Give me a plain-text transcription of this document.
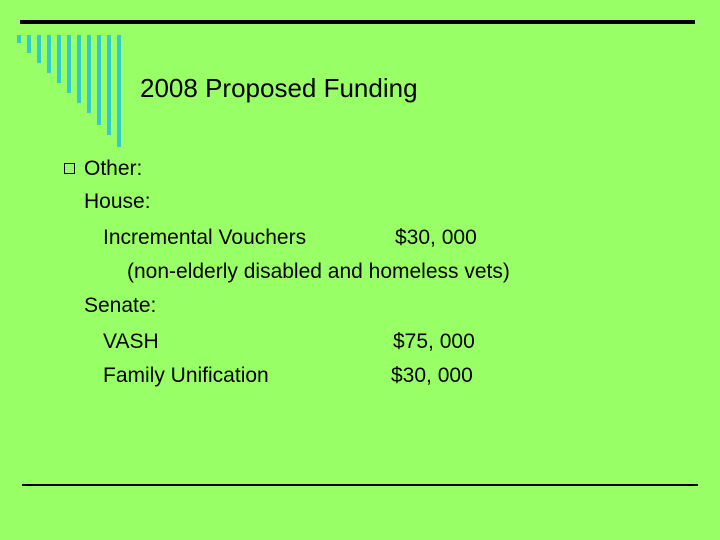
2008 Proposed Funding
Other:
House:
Incremental Vouchers	$30, 000
(non-elderly disabled and homeless vets)
Senate:
VASH	$75, 000
Family Unification	$30, 000
